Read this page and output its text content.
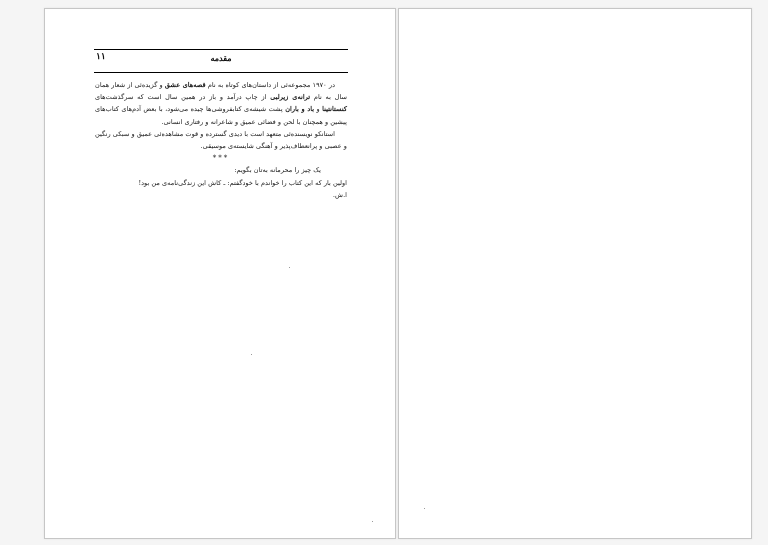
۱۱	مقدمه

در ۱۹۷۰ مجموعه‌ئی از داستان‌های کوتاه به نام قصه‌های عشق و گزیده‌ئی از شعار همان سال به نام ترانه‌ی زیرلبی از چاپ درآمد و باز در همین سال است که سرگذشت‌های کنستانتینا و باد و باران پشت شیشه‌ی کتابفروشی‌ها چیده می‌شود، با بعض آدم‌های کتاب‌های پیشین و همچنان با لحن و فضائی عمیق و شاعرانه و رفتاری انسانی.

استانکو نویسنده‌ئی متعهد است با دیدی گسترده و قوت مشاهده‌ئی عمیق و سبکی رنگین و عصبی و پرانعطاف‌پذیر و آهنگی شایسته‌ی موسیقی.

***

یک چیز را محرمانه به‌تان بگویم:

اولین بار که این کتاب را خواندم با خودگفتم: ـ کاش این زندگی‌نامه‌ی من بود!

ا.ش.
